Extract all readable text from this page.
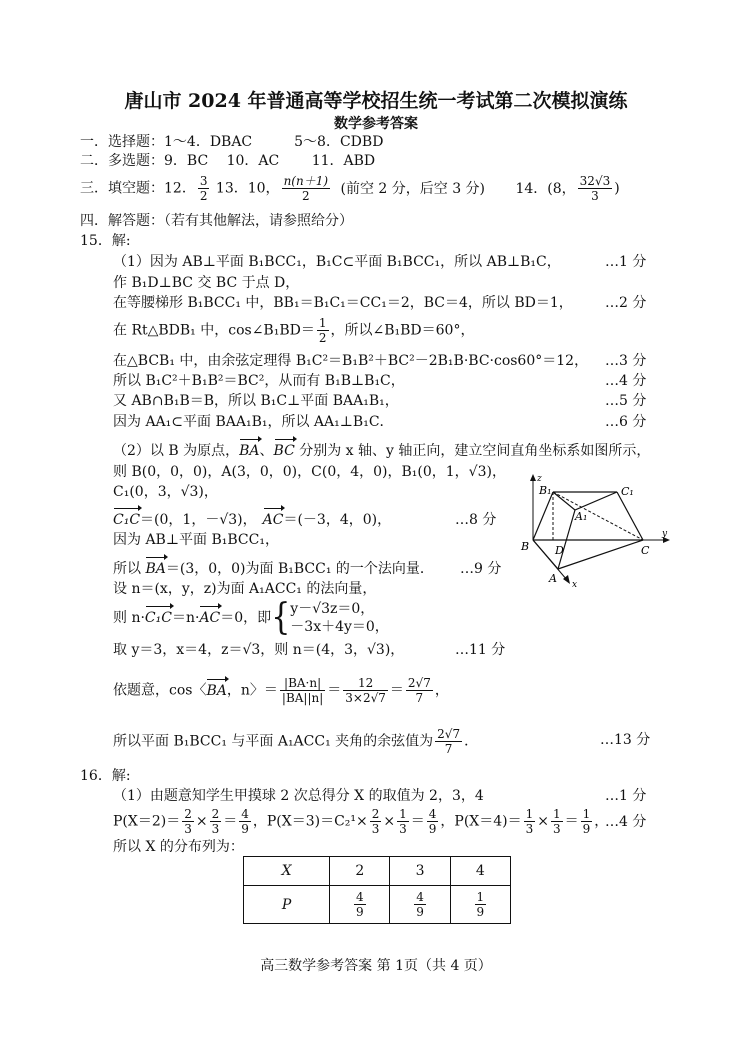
唐山市 2024 年普通高等学校招生统一考试第二次模拟演练
数学参考答案
一．选择题：1～4．DBAC　　　5～8．CDBD
二．多选题：9．BC　 10．AC　　 11．ABD
三．填空题：12． $\frac{3}{2} 13$．10， $\frac{n(n+1)}{2}$ (前空 2 分，后空 3 分) 14．(8， $\frac{32√3}{3}$ )
四．解答题：（若有其他解法，请参照给分）
15．解:
（1）因为 AB⊥平面 B₁BCC₁，B₁C⊂平面 B₁BCC₁，所以 AB⊥B₁C，	…1 分
作 B₁D⊥BC 交 BC 于点 D，
在等腰梯形 B₁BCC₁ 中，BB₁＝B₁C₁＝CC₁＝2，BC＝4，所以 BD＝1， …2 分
在 Rt△BDB₁ 中，cos∠B₁BD＝ $\frac{1}{2}$ ，所以∠B₁BD＝60°，
在△BCB₁ 中，由余弦定理得 B₁C²＝B₁B²＋BC²－2B₁B·BC·cos60°＝12， …3 分
所以 B₁C²＋B₁B²＝BC²，从而有 B₁B⊥B₁C，	…4 分
又 AB∩B₁B＝B，所以 B₁C⊥平面 BAA₁B₁，	…5 分
因为 AA₁⊂平面 BAA₁B₁，所以 AA₁⊥B₁C．	…6 分
（2）以 B 为原点，BA、BC 分别为 x 轴、y 轴正向，建立空间直角坐标系如图所示，
则 B(0，0，0)，A(3，0，0)，C(0，4，0)，B₁(0，1，√3)，
C₁(0，3，√3)，
C₁C＝(0，1，－√3)， AC＝(－3，4，0)，	…8 分
因为 AB⊥平面 B₁BCC₁，
所以 BA＝(3，0，0)为面 B₁BCC₁ 的一个法向量． …9 分
设 n＝(x，y，z)为面 A₁ACC₁ 的法向量，
则 n·C₁C＝n·AC＝0，即{ y－√3z＝0，
－3x＋4y＝0，
取 y＝3，x＝4，z＝√3，则 n＝(4，3，√3)，	…11 分
依题意，cos〈BA，n〉＝ $\frac{|BA\cdot n|}{|BA||n|} = \frac{12}{3\times 2√7} = \frac{2√7}{7}$ ，
所以平面 B₁BCC₁ 与平面 A₁ACC₁ 夹角的余弦值为 $\frac{2√7}{7}$ ．	…13 分
B₁	C₁
A₁
B D	C
A
z
y
x
16．解:
（1）由题意知学生甲摸球 2 次总得分 X 的取值为 2，3，4	…1 分
$P(X=2)= \frac{2}{3} \times \frac{2}{3} = \frac{4}{9}$ ，$P(X=3)=C_2^1\times \frac{2}{3} \times \frac{1}{3} = \frac{4}{9}$ ，$P(X=4)= \frac{1}{3} \times \frac{1}{3} = \frac{1}{9}$ ，
…4 分
所以 X 的分布列为：
X	2	3	4
P	$\frac{4}{9}$	$\frac{4}{9}$	$\frac{1}{9}$
高三数学参考答案 第 1页（共 4 页）
